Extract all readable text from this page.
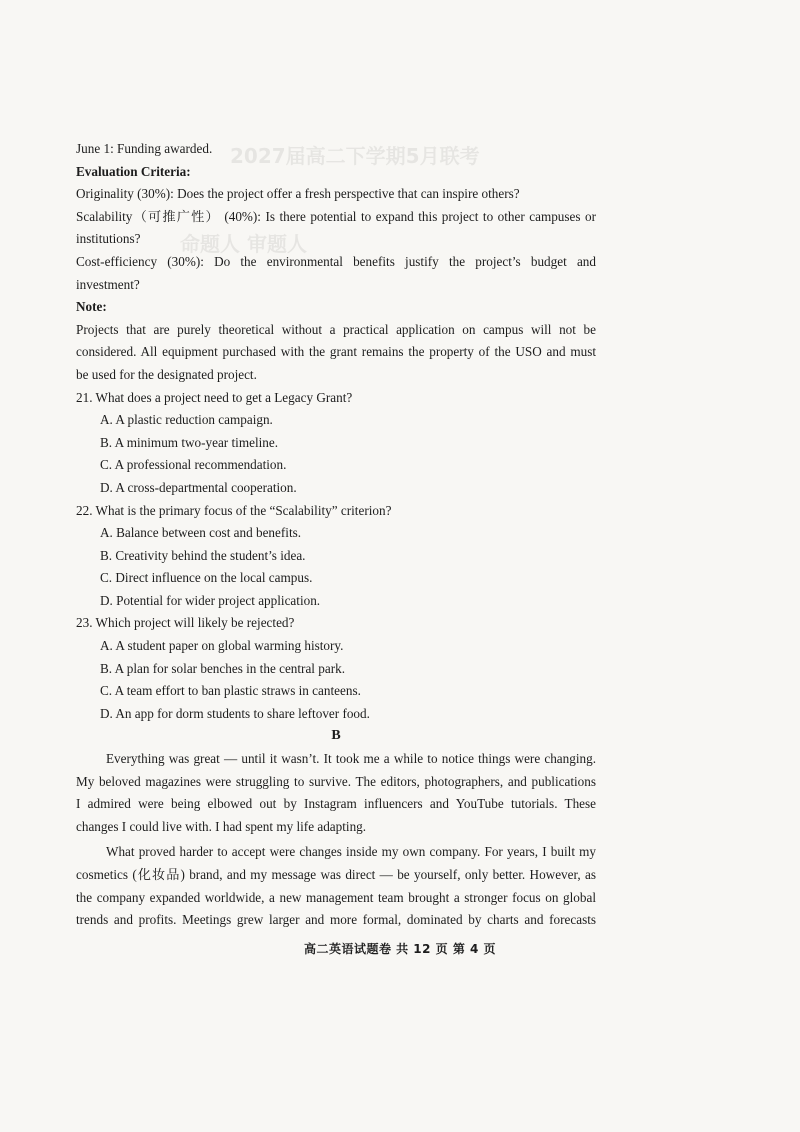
2027届高二下学期5月联考
命题人 审题人
June 1: Funding awarded.
Evaluation Criteria:
Originality (30%): Does the project offer a fresh perspective that can inspire others?
Scalability（可推广性） (40%): Is there potential to expand this project to other campuses or
institutions?
Cost-efficiency (30%): Do the environmental benefits justify the project’s budget and
investment?
Note:
Projects that are purely theoretical without a practical application on campus will not be
considered. All equipment purchased with the grant remains the property of the USO and must
be used for the designated project.
21. What does a project need to get a Legacy Grant?
A. A plastic reduction campaign.
B. A minimum two-year timeline.
C. A professional recommendation.
D. A cross-departmental cooperation.
22. What is the primary focus of the “Scalability” criterion?
A. Balance between cost and benefits.
B. Creativity behind the student’s idea.
C. Direct influence on the local campus.
D. Potential for wider project application.
23. Which project will likely be rejected?
A. A student paper on global warming history.
B. A plan for solar benches in the central park.
C. A team effort to ban plastic straws in canteens.
D. An app for dorm students to share leftover food.
B
Everything was great — until it wasn’t. It took me a while to notice things were changing.
My beloved magazines were struggling to survive. The editors, photographers, and publications
I admired were being elbowed out by Instagram influencers and YouTube tutorials. These
changes I could live with. I had spent my life adapting.
What proved harder to accept were changes inside my own company. For years, I built my
cosmetics (化妆品) brand, and my message was direct — be yourself, only better. However, as
the company expanded worldwide, a new management team brought a stronger focus on global
trends and profits. Meetings grew larger and more formal, dominated by charts and forecasts
高二英语试题卷 共 12 页 第 4 页
